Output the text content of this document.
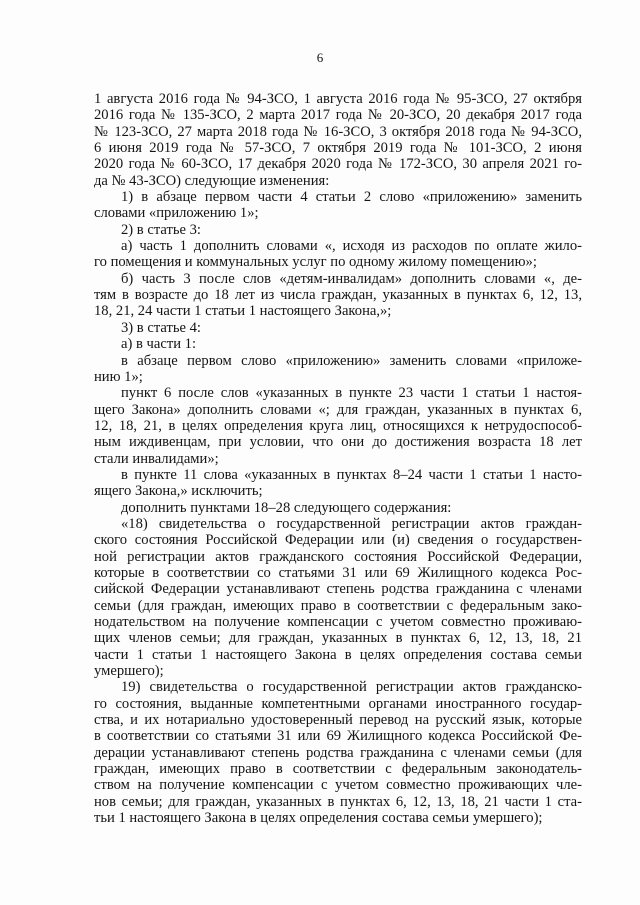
6
1 августа 2016 года № 94-ЗСО, 1 августа 2016 года № 95-ЗСО, 27 октября
2016 года № 135-ЗСО, 2 марта 2017 года № 20-ЗСО, 20 декабря 2017 года
№ 123-ЗСО, 27 марта 2018 года № 16-ЗСО, 3 октября 2018 года № 94-ЗСО,
6 июня 2019 года № 57-ЗСО, 7 октября 2019 года № 101-ЗСО, 2 июня
2020 года № 60-ЗСО, 17 декабря 2020 года № 172-ЗСО, 30 апреля 2021 го-
да № 43-ЗСО) следующие изменения:
1) в абзаце первом части 4 статьи 2 слово «приложению» заменить
словами «приложению 1»;
2) в статье 3:
а) часть 1 дополнить словами «, исходя из расходов по оплате жило-
го помещения и коммунальных услуг по одному жилому помещению»;
б) часть 3 после слов «детям-инвалидам» дополнить словами «, де-
тям в возрасте до 18 лет из числа граждан, указанных в пунктах 6, 12, 13,
18, 21, 24 части 1 статьи 1 настоящего Закона,»;
3) в статье 4:
а) в части 1:
в абзаце первом слово «приложению» заменить словами «приложе-
нию 1»;
пункт 6 после слов «указанных в пункте 23 части 1 статьи 1 настоя-
щего Закона» дополнить словами «; для граждан, указанных в пунктах 6,
12, 18, 21, в целях определения круга лиц, относящихся к нетрудоспособ-
ным иждивенцам, при условии, что они до достижения возраста 18 лет
стали инвалидами»;
в пункте 11 слова «указанных в пунктах 8–24 части 1 статьи 1 насто-
ящего Закона,» исключить;
дополнить пунктами 18–28 следующего содержания:
«18) свидетельства о государственной регистрации актов граждан-
ского состояния Российской Федерации или (и) сведения о государствен-
ной регистрации актов гражданского состояния Российской Федерации,
которые в соответствии со статьями 31 или 69 Жилищного кодекса Рос-
сийской Федерации устанавливают степень родства гражданина с членами
семьи (для граждан, имеющих право в соответствии с федеральным зако-
нодательством на получение компенсации с учетом совместно проживаю-
щих членов семьи; для граждан, указанных в пунктах 6, 12, 13, 18, 21
части 1 статьи 1 настоящего Закона в целях определения состава семьи
умершего);
19) свидетельства о государственной регистрации актов гражданско-
го состояния, выданные компетентными органами иностранного государ-
ства, и их нотариально удостоверенный перевод на русский язык, которые
в соответствии со статьями 31 или 69 Жилищного кодекса Российской Фе-
дерации устанавливают степень родства гражданина с членами семьи (для
граждан, имеющих право в соответствии с федеральным законодатель-
ством на получение компенсации с учетом совместно проживающих чле-
нов семьи; для граждан, указанных в пунктах 6, 12, 13, 18, 21 части 1 ста-
тьи 1 настоящего Закона в целях определения состава семьи умершего);
